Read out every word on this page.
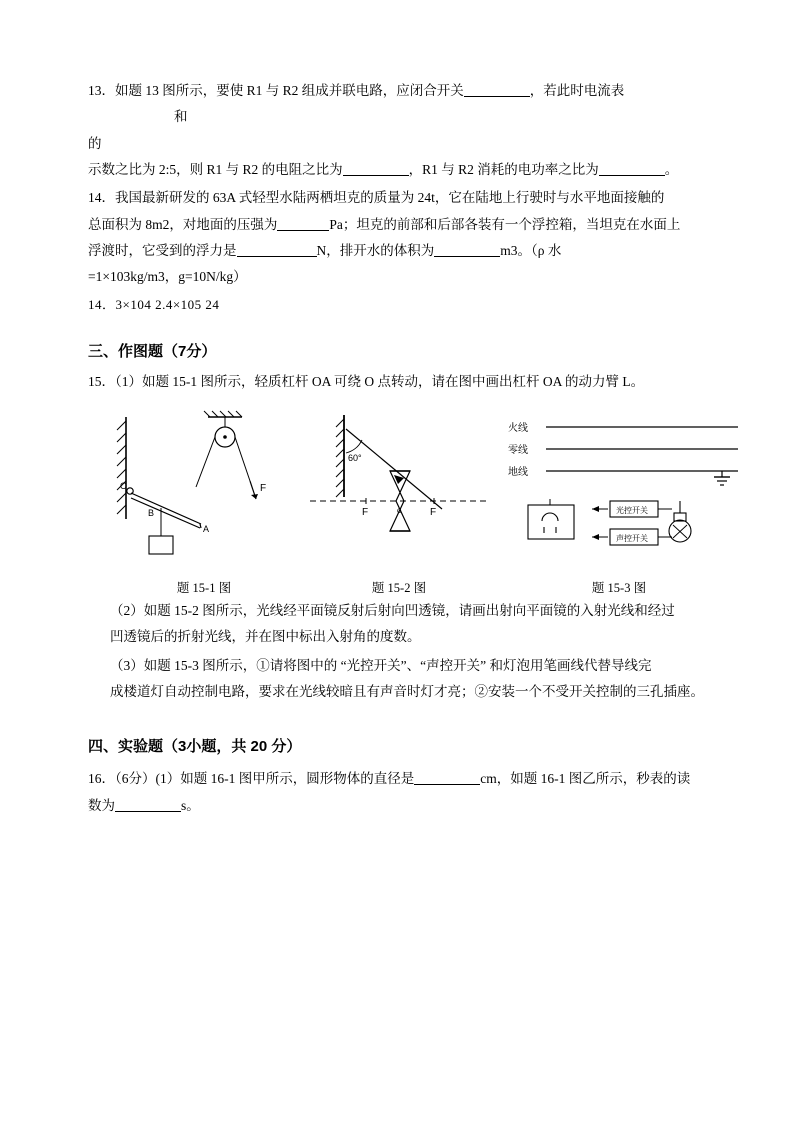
13．如题 13 图所示，要使 R1 与 R2 组成并联电路，应闭合开关	，若此时电流表和
的
示数之比为 2:5，则 R1 与 R2 的电阻之比为	，R1 与 R2 消耗的电功率之比为	。
14．我国最新研发的 63A 式轻型水陆两栖坦克的质量为 24t，它在陆地上行驶时与水平地面接触的
总面积为 8m2，对地面的压强为	Pa；坦克的前部和后部各装有一个浮控箱，当坦克在水面上
浮渡时，它受到的浮力是	N，排开水的体积为	m3。（ρ 水
=1×103kg/m3，g=10N/kg）
14．3×104 2.4×105 24
三、作图题（7分）
15．（1）如题 15-1 图所示，轻质杠杆 OA 可绕 O 点转动，请在图中画出杠杆 OA 的动力臂 L。
F
O
B
A
题 15-1 图
60°
F	F
o
题 15-2 图
火线
零线
地线
光控开关
声控开关
题 15-3 图
（2）如题 15-2 图所示，光线经平面镜反射后射向凹透镜，请画出射向平面镜的入射光线和经过
凹透镜后的折射光线，并在图中标出入射角的度数。
（3）如题 15-3 图所示，①请将图中的 “光控开关”、“声控开关” 和灯泡用笔画线代替导线完
成楼道灯自动控制电路，要求在光线较暗且有声音时灯才亮；②安装一个不受开关控制的三孔插座。
四、实验题（3小题，共 20 分）
16．（6分）(1）如题 16-1 图甲所示，圆形物体的直径是	cm，如题 16-1 图乙所示，秒表的读
数为	s。
